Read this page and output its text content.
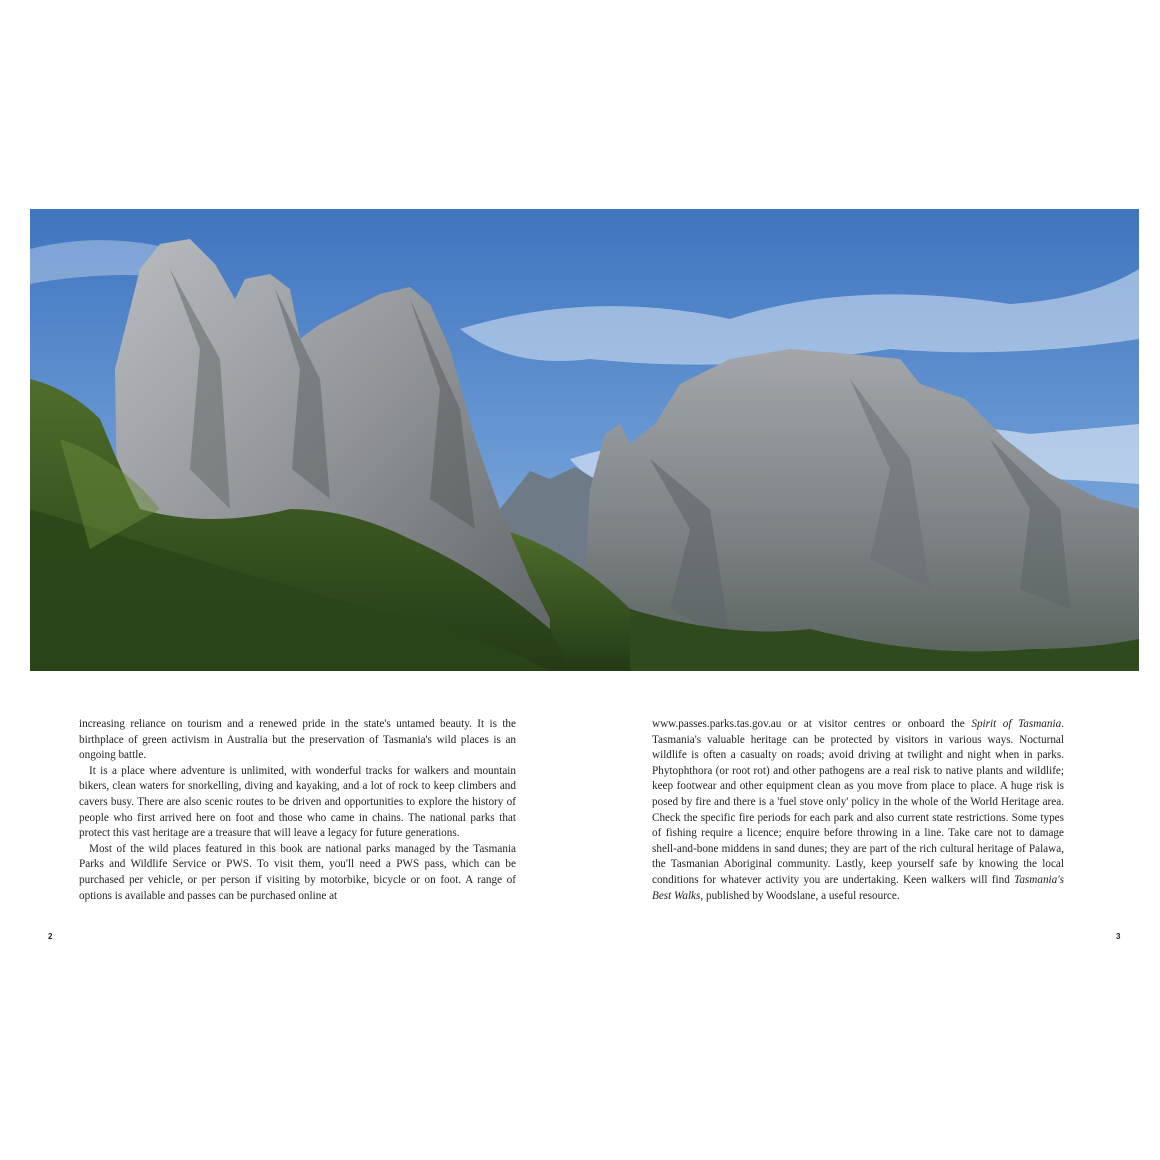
increasing reliance on tourism and a renewed pride in the state's untamed beauty. It is the birthplace of green activism in Australia but the preservation of Tasmania's wild places is an ongoing battle.

It is a place where adventure is unlimited, with wonderful tracks for walkers and mountain bikers, clean waters for snorkelling, diving and kayaking, and a lot of rock to keep climbers and cavers busy. There are also scenic routes to be driven and opportunities to explore the history of people who first arrived here on foot and those who came in chains. The national parks that protect this vast heritage are a treasure that will leave a legacy for future generations.

Most of the wild places featured in this book are national parks managed by the Tasmania Parks and Wildlife Service or PWS. To visit them, you'll need a PWS pass, which can be purchased per vehicle, or per person if visiting by motorbike, bicycle or on foot. A range of options is available and passes can be purchased online at

www.passes.parks.tas.gov.au or at visitor centres or onboard the Spirit of Tasmania. Tasmania's valuable heritage can be protected by visitors in various ways. Nocturnal wildlife is often a casualty on roads; avoid driving at twilight and night when in parks. Phytophthora (or root rot) and other pathogens are a real risk to native plants and wildlife; keep footwear and other equipment clean as you move from place to place. A huge risk is posed by fire and there is a 'fuel stove only' policy in the whole of the World Heritage area. Check the specific fire periods for each park and also current state restrictions. Some types of fishing require a licence; enquire before throwing in a line. Take care not to damage shell-and-bone middens in sand dunes; they are part of the rich cultural heritage of Palawa, the Tasmanian Aboriginal community. Lastly, keep yourself safe by knowing the local conditions for whatever activity you are undertaking. Keen walkers will find Tasmania's Best Walks, published by Woodslane, a useful resource.

2	3
